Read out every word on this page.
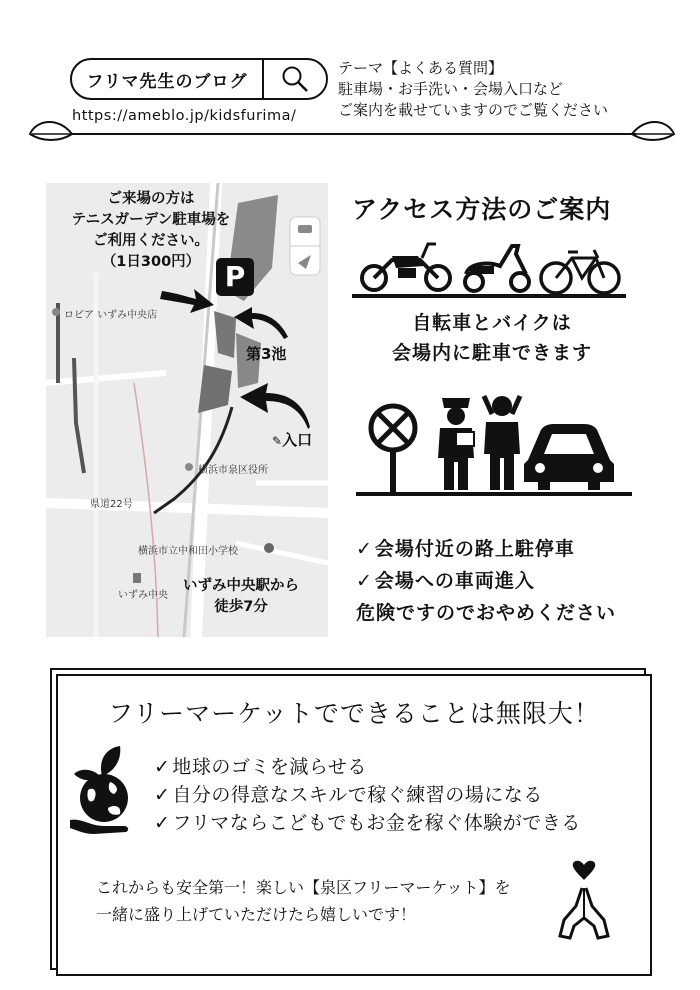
フリマ先生のブログ
https://ameblo.jp/kidsfurima/
テーマ【よくある質問】
駐車場・お手洗い・会場入口など
ご案内を載せていますのでご覧ください
ご来場の方は
テニスガーデン駐車場を
ご利用ください。
（1日300円） P
第3池
✎入口
ロピア いずみ中央店
横浜市泉区役所
県道22号
横浜市立中和田小学校
いずみ中央
いずみ中央駅から
徒歩7分
アクセス方法のご案内
自転車とバイクは
会場内に駐車できます
✓ 会場付近の路上駐停車
✓ 会場への車両進入
危険ですのでおやめください
フリーマーケットでできることは無限大！
✓ 地球のゴミを減らせる
✓ 自分の得意なスキルで稼ぐ練習の場になる
✓ フリマならこどもでもお金を稼ぐ体験ができる
これからも安全第一！楽しい【泉区フリーマーケット】を
一緒に盛り上げていただけたら嬉しいです！
